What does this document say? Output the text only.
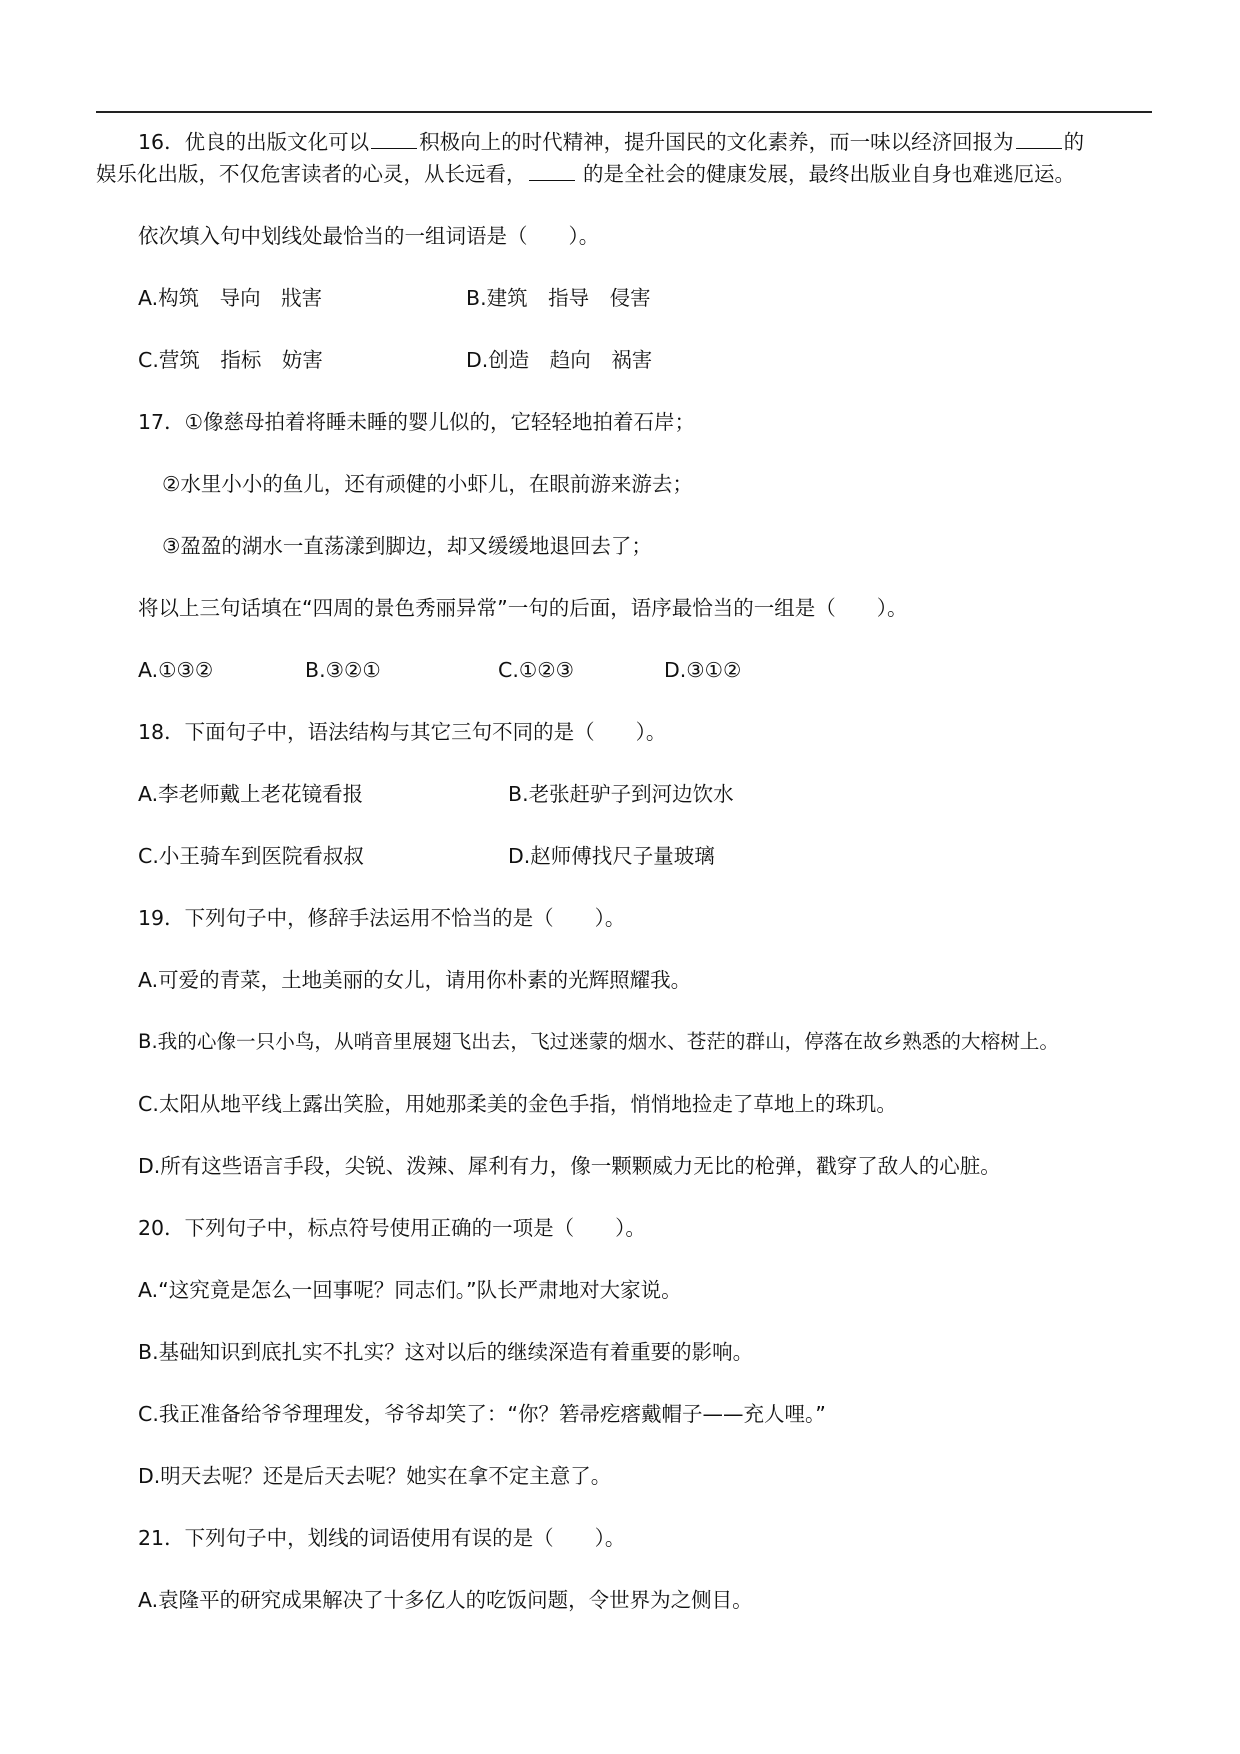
16．优良的出版文化可以 积极向上的时代精神，提升国民的文化素养，而一味以经济回报为 的
娱乐化出版，不仅危害读者的心灵，从长远看， 的是全社会的健康发展，最终出版业自身也难逃厄运。
依次填入句中划线处最恰当的一组词语是（　　）。
A.构筑　导向　戕害	B.建筑　指导　侵害
C.营筑　指标　妨害	D.创造　趋向　祸害
17．①像慈母拍着将睡未睡的婴儿似的，它轻轻地拍着石岸；
②水里小小的鱼儿，还有顽健的小虾儿，在眼前游来游去；
③盈盈的湖水一直荡漾到脚边，却又缓缓地退回去了；
将以上三句话填在“四周的景色秀丽异常”一句的后面，语序最恰当的一组是（　　）。
A.①③②	B.③②①	C.①②③	D.③①②
18．下面句子中，语法结构与其它三句不同的是（　　）。
A.李老师戴上老花镜看报	B.老张赶驴子到河边饮水
C.小王骑车到医院看叔叔	D.赵师傅找尺子量玻璃
19．下列句子中，修辞手法运用不恰当的是（　　）。
A.可爱的青菜，土地美丽的女儿，请用你朴素的光辉照耀我。
B.我的心像一只小鸟，从哨音里展翅飞出去，飞过迷蒙的烟水、苍茫的群山，停落在故乡熟悉的大榕树上。
C.太阳从地平线上露出笑脸，用她那柔美的金色手指，悄悄地捡走了草地上的珠玑。
D.所有这些语言手段，尖锐、泼辣、犀利有力，像一颗颗威力无比的枪弹，戳穿了敌人的心脏。
20．下列句子中，标点符号使用正确的一项是（　　）。
A.“这究竟是怎么一回事呢？同志们。”队长严肃地对大家说。
B.基础知识到底扎实不扎实？这对以后的继续深造有着重要的影响。
C.我正准备给爷爷理理发，爷爷却笑了：“你？箬帚疙瘩戴帽子——充人哩。”
D.明天去呢？还是后天去呢？她实在拿不定主意了。
21．下列句子中，划线的词语使用有误的是（　　）。
A.袁隆平的研究成果解决了十多亿人的吃饭问题，令世界为之侧目。
